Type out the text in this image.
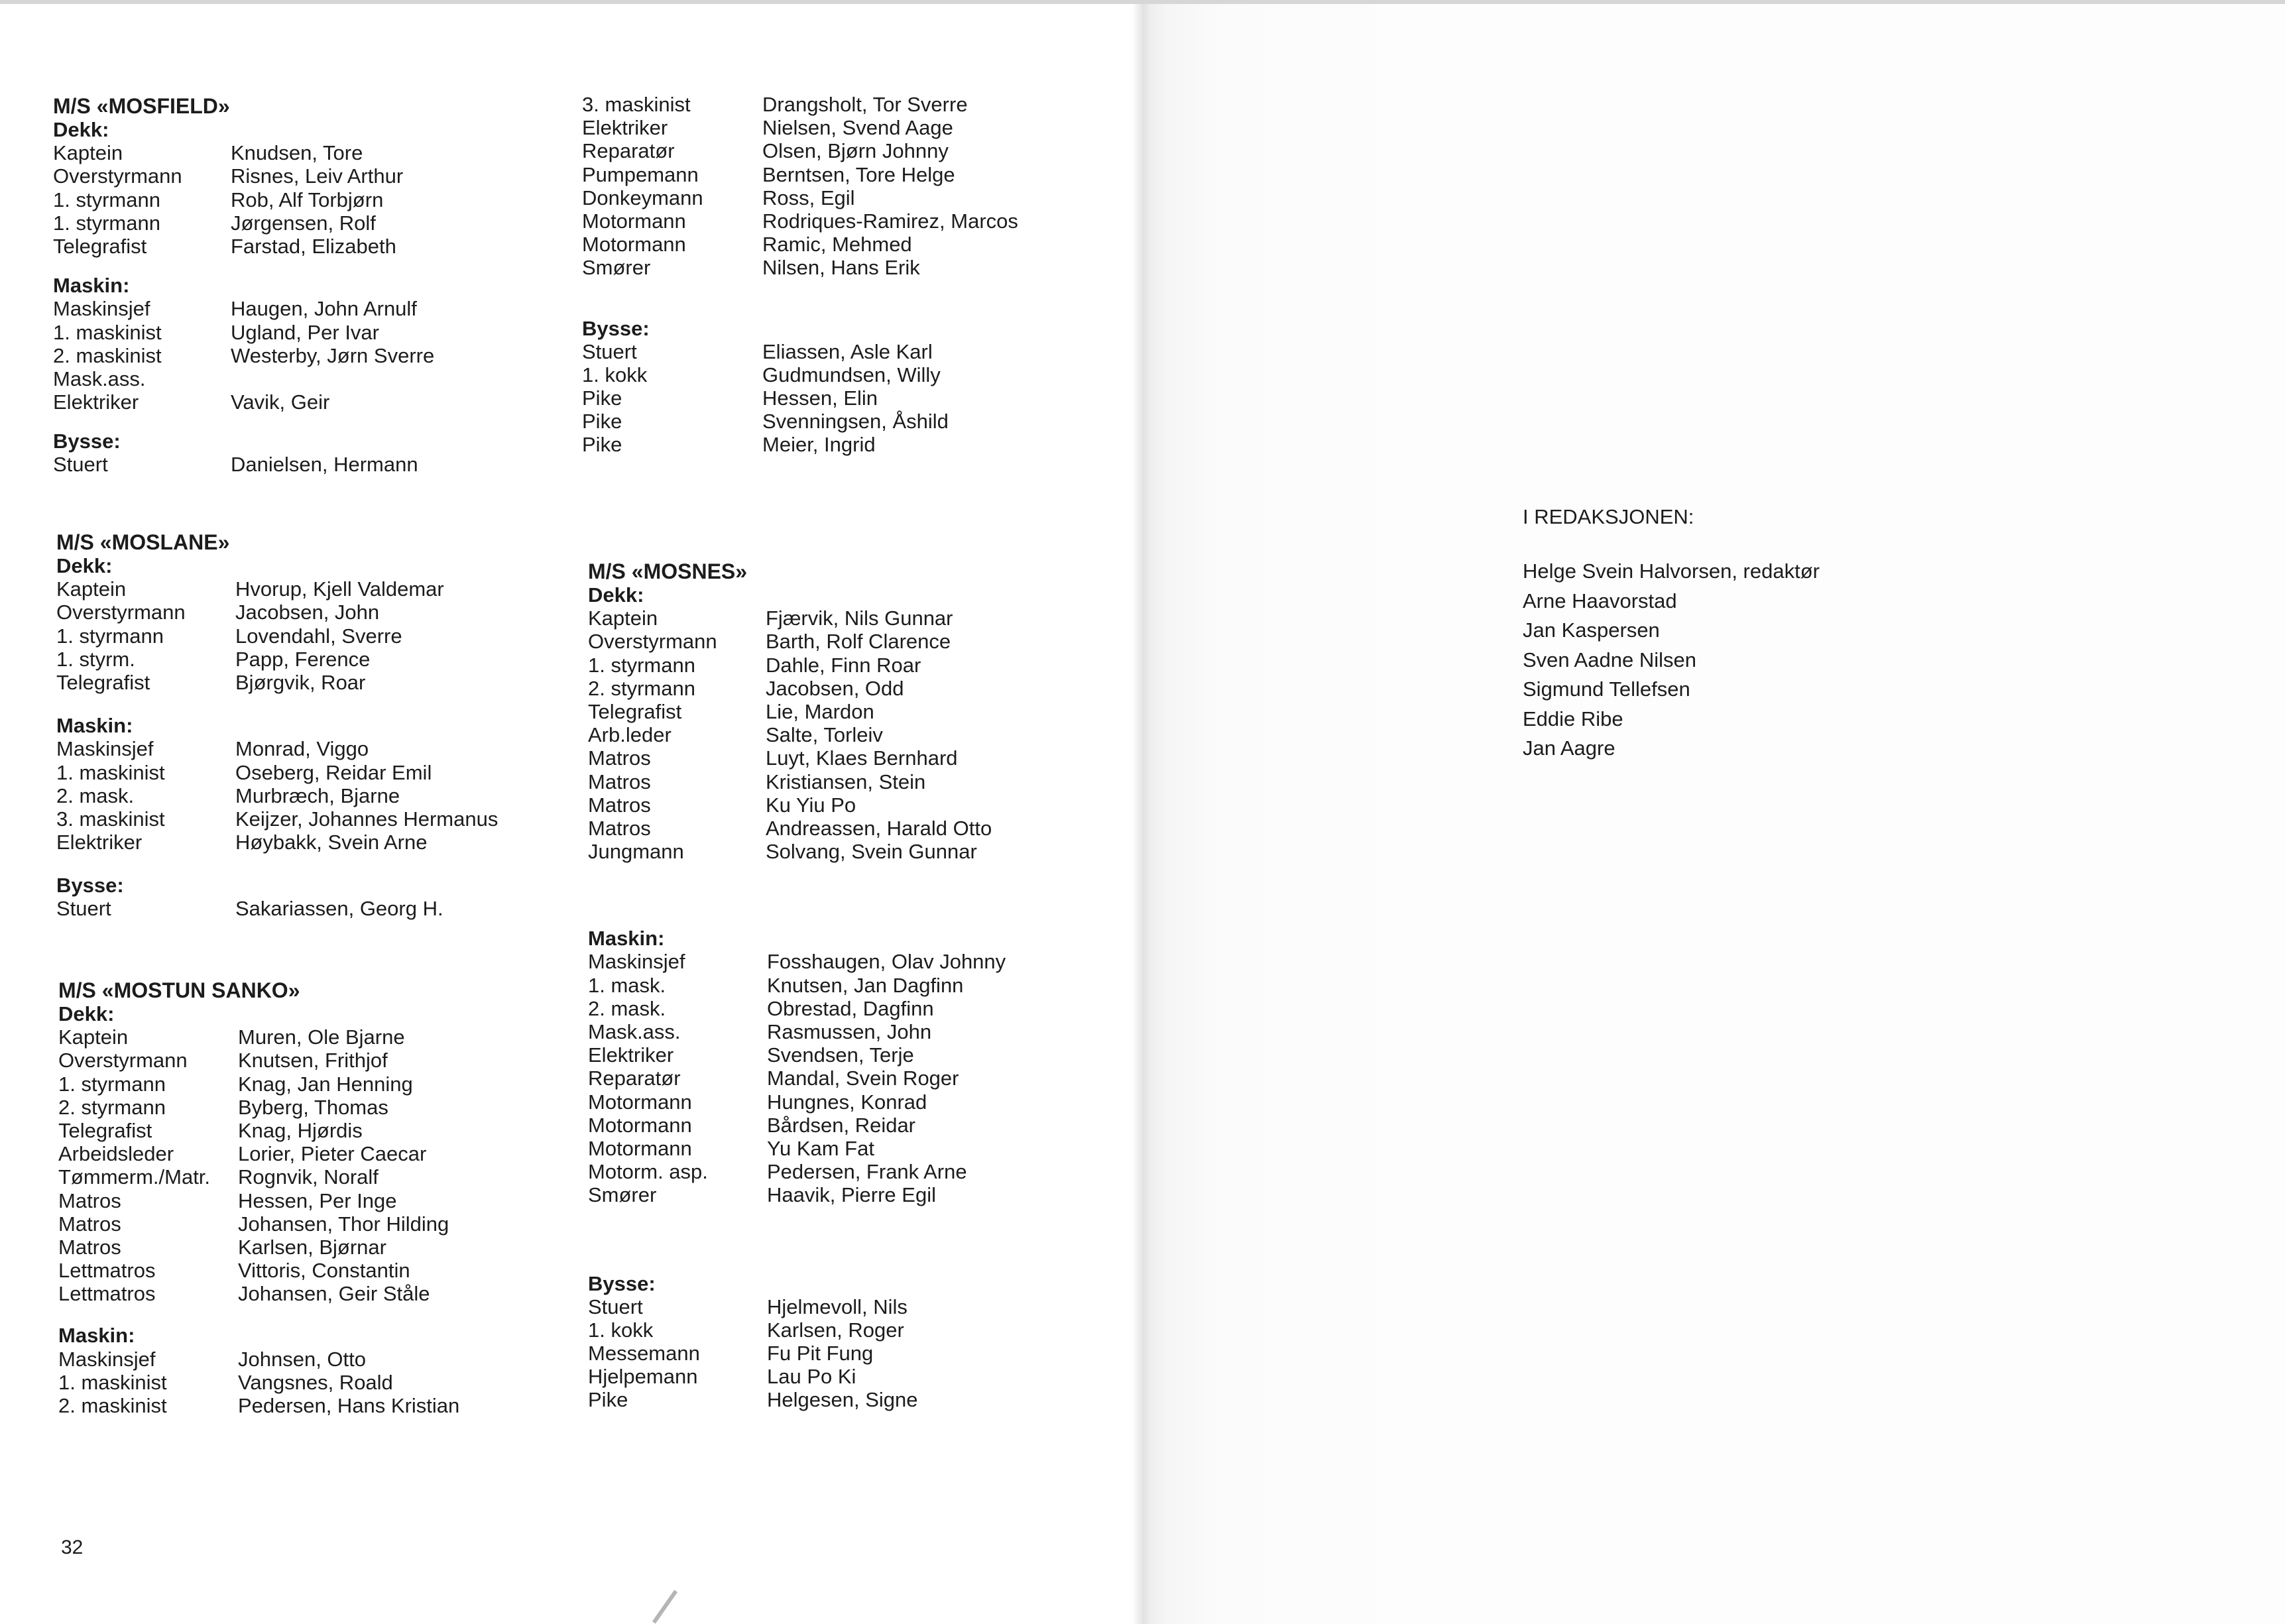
M/S «MOSFIELD»
Dekk:
Kaptein	Knudsen, Tore
Overstyrmann Risnes, Leiv Arthur
1. styrmann	Rob, Alf Torbjørn
1. styrmann	Jørgensen, Rolf
Telegrafist	Farstad, Elizabeth
Maskin:
Maskinsjef	Haugen, John Arnulf
1. maskinist	Ugland, Per Ivar
2. maskinist	Westerby, Jørn Sverre
Mask.ass.
Elektriker	Vavik, Geir
Bysse:
Stuert	Danielsen, Hermann
M/S «MOSLANE»
Dekk:
Kaptein	Hvorup, Kjell Valdemar
Overstyrmann Jacobsen, John
1. styrmann	Lovendahl, Sverre
1. styrm.	Papp, Ference
Telegrafist	Bjørgvik, Roar
Maskin:
Maskinsjef	Monrad, Viggo
1. maskinist	Oseberg, Reidar Emil
2. mask.	Murbræch, Bjarne
3. maskinist	Keijzer, Johannes Hermanus
Elektriker	Høybakk, Svein Arne
Bysse:
Stuert	Sakariassen, Georg H.
M/S «MOSTUN SANKO»
Dekk:
Kaptein	Muren, Ole Bjarne
Overstyrmann Knutsen, Frithjof
1. styrmann	Knag, Jan Henning
2. styrmann	Byberg, Thomas
Telegrafist	Knag, Hjørdis
Arbeidsleder	Lorier, Pieter Caecar
Tømmerm./Matr. Rognvik, Noralf
Matros	Hessen, Per Inge
Matros	Johansen, Thor Hilding
Matros	Karlsen, Bjørnar
Lettmatros	Vittoris, Constantin
Lettmatros	Johansen, Geir Ståle
Maskin:
Maskinsjef	Johnsen, Otto
1. maskinist	Vangsnes, Roald
2. maskinist	Pedersen, Hans Kristian
3. maskinist	Drangsholt, Tor Sverre
Elektriker	Nielsen, Svend Aage
Reparatør	Olsen, Bjørn Johnny
Pumpemann	Berntsen, Tore Helge
Donkeymann	Ross, Egil
Motormann	Rodriques-Ramirez, Marcos
Motormann	Ramic, Mehmed
Smører	Nilsen, Hans Erik
Bysse:
Stuert	Eliassen, Asle Karl
1. kokk	Gudmundsen, Willy
Pike	Hessen, Elin
Pike	Svenningsen, Åshild
Pike	Meier, Ingrid
M/S «MOSNES»
Dekk:
Kaptein	Fjærvik, Nils Gunnar
Overstyrmann Barth, Rolf Clarence
1. styrmann	Dahle, Finn Roar
2. styrmann	Jacobsen, Odd
Telegrafist	Lie, Mardon
Arb.leder	Salte, Torleiv
Matros	Luyt, Klaes Bernhard
Matros	Kristiansen, Stein
Matros	Ku Yiu Po
Matros	Andreassen, Harald Otto
Jungmann	Solvang, Svein Gunnar
Maskin:
Maskinsjef	Fosshaugen, Olav Johnny
1. mask.	Knutsen, Jan Dagfinn
2. mask.	Obrestad, Dagfinn
Mask.ass.	Rasmussen, John
Elektriker	Svendsen, Terje
Reparatør	Mandal, Svein Roger
Motormann	Hungnes, Konrad
Motormann	Bårdsen, Reidar
Motormann	Yu Kam Fat
Motorm. asp.	Pedersen, Frank Arne
Smører	Haavik, Pierre Egil
Bysse:
Stuert	Hjelmevoll, Nils
1. kokk	Karlsen, Roger
Messemann	Fu Pit Fung
Hjelpemann	Lau Po Ki
Pike	Helgesen, Signe
32
I REDAKSJONEN:
Helge Svein Halvorsen, redaktør
Arne Haavorstad
Jan Kaspersen
Sven Aadne Nilsen
Sigmund Tellefsen
Eddie Ribe
Jan Aagre
